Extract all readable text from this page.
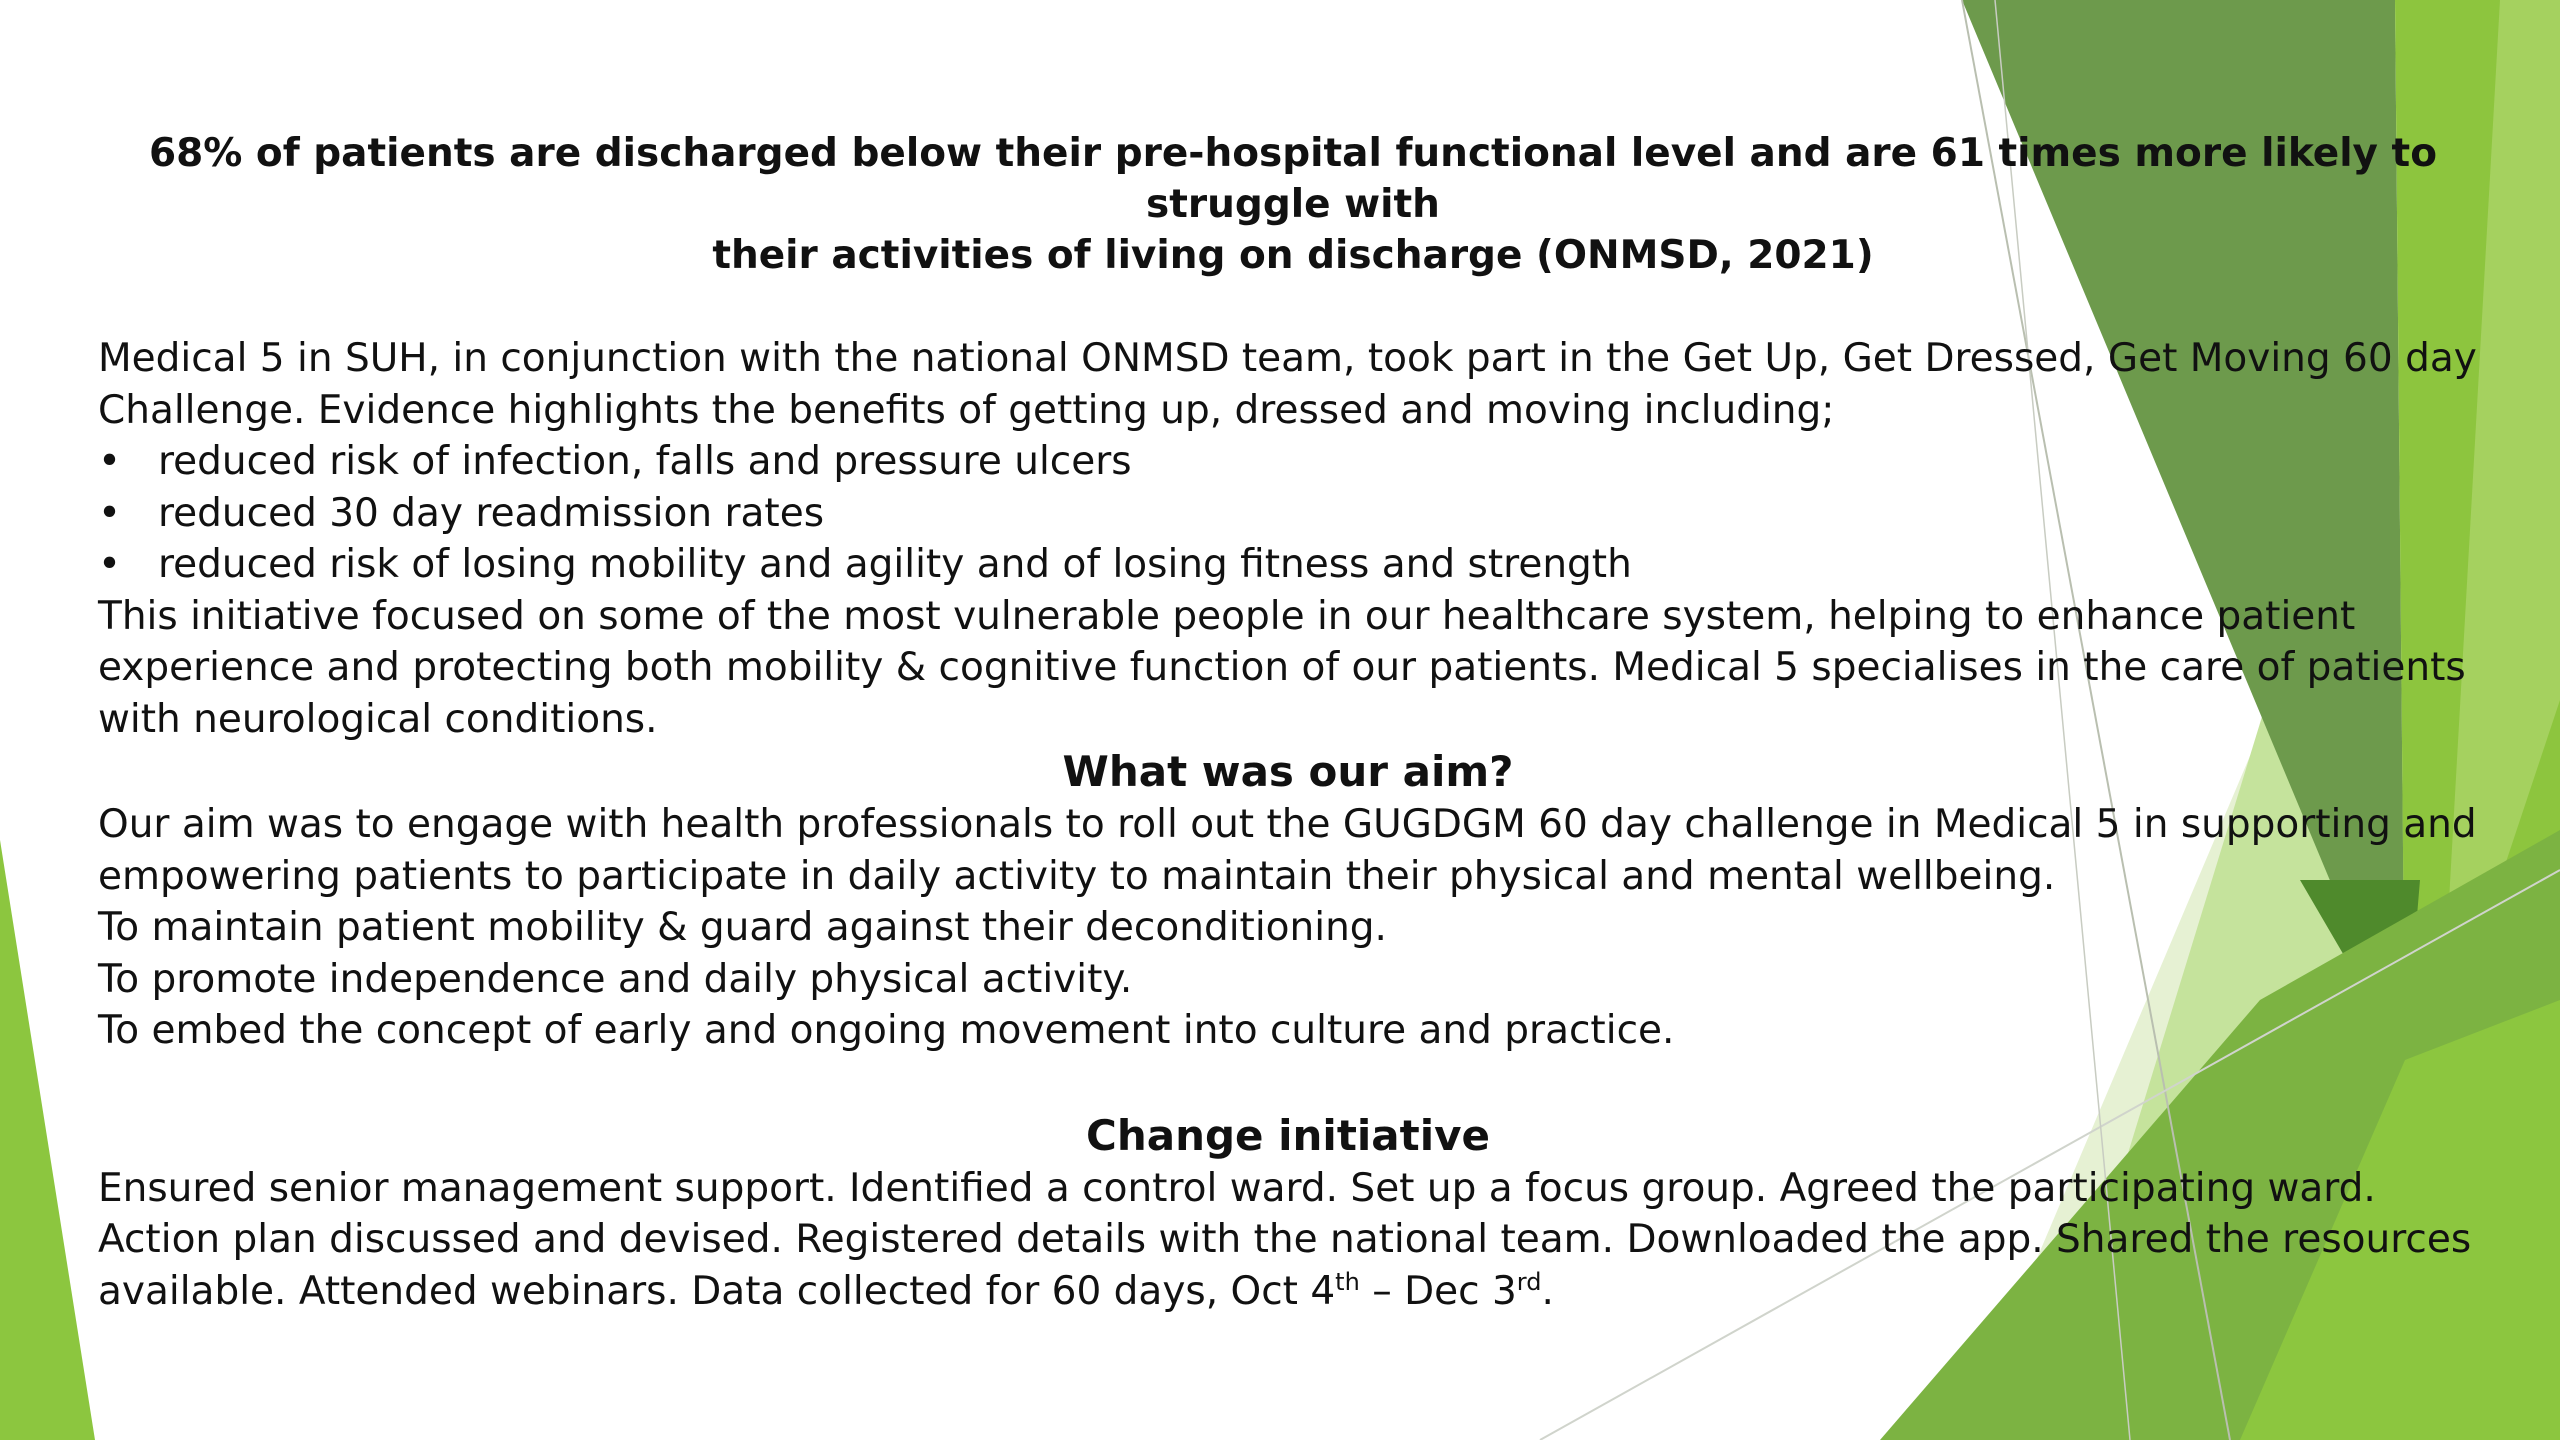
68% of patients are discharged below their pre-hospital functional level and are 61 times more likely to struggle with
their activities of living on discharge (ONMSD, 2021)
Medical 5 in SUH, in conjunction with the national ONMSD team, took part in the Get Up, Get Dressed, Get Moving 60 day
Challenge. Evidence highlights the benefits of getting up, dressed and moving including;
• reduced risk of infection, falls and pressure ulcers
• reduced 30 day readmission rates
• reduced risk of losing mobility and agility and of losing fitness and strength
This initiative focused on some of the most vulnerable people in our healthcare system, helping to enhance patient
experience and protecting both mobility & cognitive function of our patients. Medical 5 specialises in the care of patients
with neurological conditions.
What was our aim?
Our aim was to engage with health professionals to roll out the GUGDGM 60 day challenge in Medical 5 in supporting and
empowering patients to participate in daily activity to maintain their physical and mental wellbeing.
To maintain patient mobility & guard against their deconditioning.
To promote independence and daily physical activity.
To embed the concept of early and ongoing movement into culture and practice.
Change initiative
Ensured senior management support. Identified a control ward. Set up a focus group. Agreed the participating ward.
Action plan discussed and devised. Registered details with the national team. Downloaded the app. Shared the resources
available. Attended webinars. Data collected for 60 days, Oct 4th – Dec 3rd.
